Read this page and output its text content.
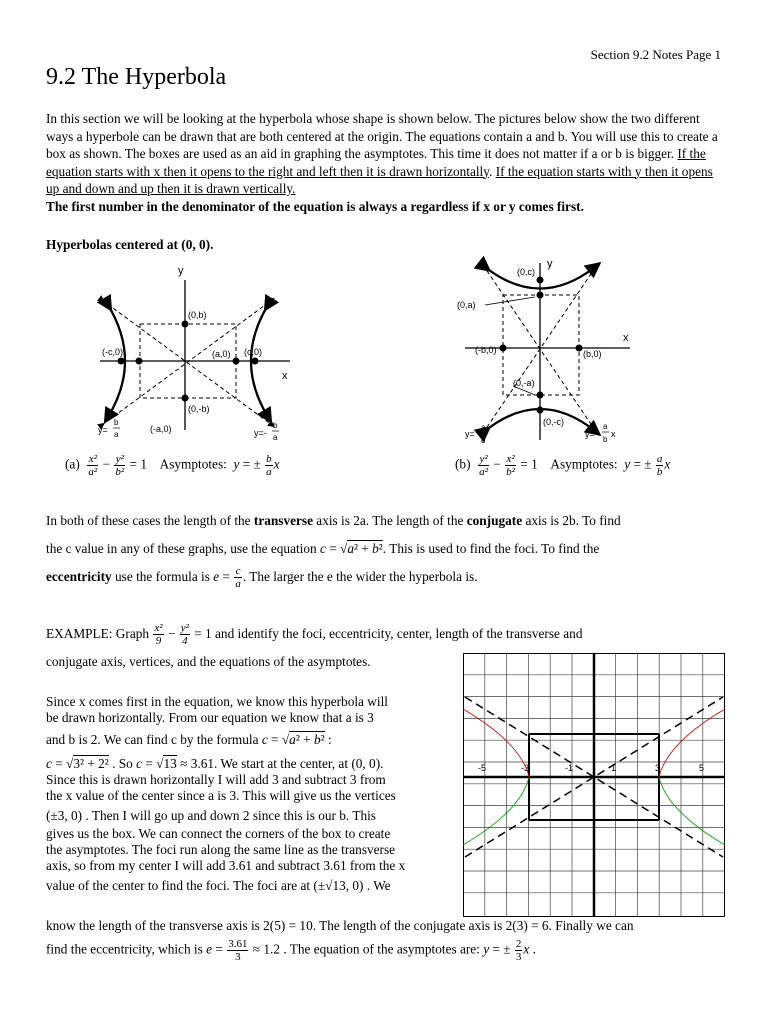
Section 9.2 Notes Page 1
9.2 The Hyperbola
In this section we will be looking at the hyperbola whose shape is shown below. The pictures below show the two different ways a hyperbole can be drawn that are both centered at the origin. The equations contain a and b. You will use this to create a box as shown. The boxes are used as an aid in graphing the asymptotes. This time it does not matter if a or b is bigger. If the equation starts with x then it opens to the right and left then it is drawn horizontally. If the equation starts with y then it opens up and down and up then it is drawn vertically.
The first number in the denominator of the equation is always a regardless if x or y comes first.
Hyperbolas centered at (0, 0).
y
x
(0,b)
(-c,0)	(a,0) (c,0)
(0,-b)
(-a,0)
y=
b
a	y=-
b
a
y
x
(0,c)
(0,a)
(-b,0)	(b,0)
(0,-a)
(0,-c)
y=
a
b
y=-
a
b
x
$(a) \frac{\text{x²}}{\text{a²}} - \frac{\text{y²}}{\text{b²}} = 1$ Asymptotes: y = ± $\frac{b}{a}$ x	$(b) \frac{\text{y²}}{\text{a²}} - \frac{\text{x²}}{\text{b²}} = 1$ Asymptotes: y = ± $\frac{a}{b}$ x
In both of these cases the length of the transverse axis is 2a. The length of the conjugate axis is 2b. To find
the c value in any of these graphs, use the equation c = √a² + b². This is used to find the foci. To find the
eccentricity use the formula is $e = \frac{c}{a}$ . The larger the e the wider the hyperbola is.
EXAMPLE: Graph $\frac{\text{x²}}{9} - \frac{\text{y²}}{4} = 1$ and identify the foci, eccentricity, center, length of the transverse and
conjugate axis, vertices, and the equations of the asymptotes.

Since x comes first in the equation, we know this hyperbola will

be drawn horizontally. From our equation we know that a is 3

and b is 2. We can find c by the formula c = √a² + b² :

c = √3² + 2² . So c = √13 ≈ 3.61. We start at the center, at (0, 0).

Since this is drawn horizontally I will add 3 and subtract 3 from

the x value of the center since a is 3. This will give us the vertices

(±3, 0) . Then I will go up and down 2 since this is our b. This

gives us the box. We can connect the corners of the box to create

the asymptotes. The foci run along the same line as the transverse

axis, so from my center I will add 3.61 and subtract 3.61 from the x

value of the center to find the foci. The foci are at (±√13, 0) . We

know the length of the transverse axis is 2(5) = 10. The length of the conjugate axis is 2(3) = 6. Finally we can
find the eccentricity, which is $e = \frac{3.61}{3} \approx 1.2$ . The equation of the asymptotes are: y = ± $\frac{2}{3}$ x .
-5	-3	-1	1	3	5
